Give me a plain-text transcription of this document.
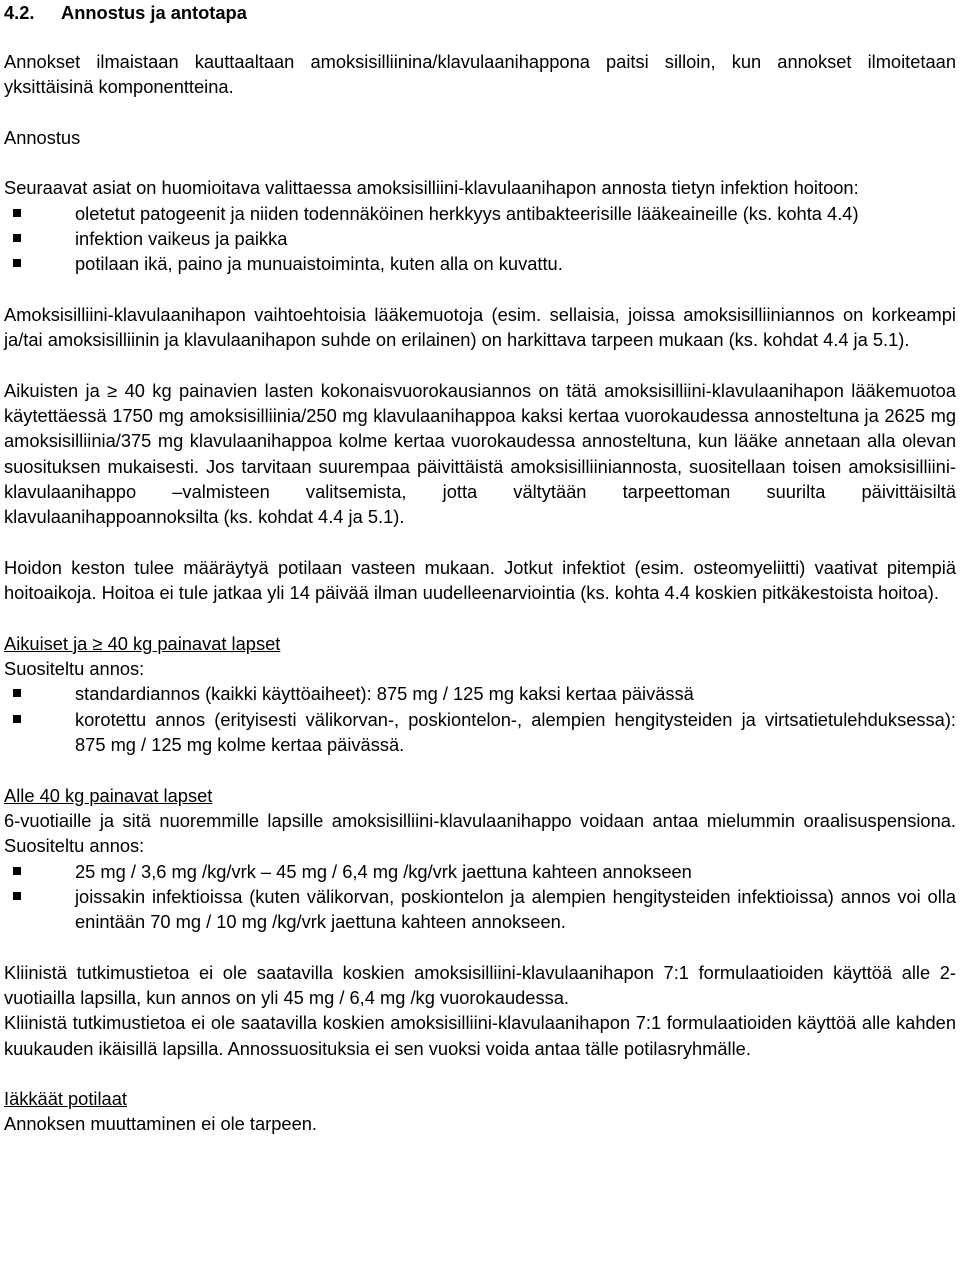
4.2. Annostus ja antotapa

Annokset ilmaistaan kauttaaltaan amoksisilliinina/klavulaanihappona paitsi silloin, kun annokset ilmoitetaan yksittäisinä komponentteina.

Annostus

Seuraavat asiat on huomioitava valittaessa amoksisilliini-klavulaanihapon annosta tietyn infektion hoitoon:

oletetut patogeenit ja niiden todennäköinen herkkyys antibakteerisille lääkeaineille (ks. kohta 4.4)
infektion vaikeus ja paikka
potilaan ikä, paino ja munuaistoiminta, kuten alla on kuvattu.

Amoksisilliini-klavulaanihapon vaihtoehtoisia lääkemuotoja (esim. sellaisia, joissa amoksisilliiniannos on korkeampi ja/tai amoksisilliinin ja klavulaanihapon suhde on erilainen) on harkittava tarpeen mukaan (ks. kohdat 4.4 ja 5.1).

Aikuisten ja ≥ 40 kg painavien lasten kokonaisvuorokausiannos on tätä amoksisilliini-klavulaanihapon lääkemuotoa käytettäessä 1750 mg amoksisilliinia/250 mg klavulaanihappoa kaksi kertaa vuorokaudessa annosteltuna ja 2625 mg amoksisilliinia/375 mg klavulaanihappoa kolme kertaa vuorokaudessa annosteltuna, kun lääke annetaan alla olevan suosituksen mukaisesti. Jos tarvitaan suurempaa päivittäistä amoksisilliiniannosta, suositellaan toisen amoksisilliini-klavulaanihappo –valmisteen valitsemista, jotta vältytään tarpeettoman suurilta päivittäisiltä klavulaanihappoannoksilta (ks. kohdat 4.4 ja 5.1).

Hoidon keston tulee määräytyä potilaan vasteen mukaan. Jotkut infektiot (esim. osteomyeliitti) vaativat pitempiä hoitoaikoja. Hoitoa ei tule jatkaa yli 14 päivää ilman uudelleenarviointia (ks. kohta 4.4 koskien pitkäkestoista hoitoa).

Aikuiset ja ≥ 40 kg painavat lapset

Suositeltu annos:

standardiannos (kaikki käyttöaiheet): 875 mg / 125 mg kaksi kertaa päivässä
korotettu annos (erityisesti välikorvan-, poskiontelon-, alempien hengitysteiden ja virtsatietulehduksessa): 875 mg / 125 mg kolme kertaa päivässä.

Alle 40 kg painavat lapset

6-vuotiaille ja sitä nuoremmille lapsille amoksisilliini-klavulaanihappo voidaan antaa mielummin oraalisuspensiona. Suositeltu annos:

25 mg / 3,6 mg /kg/vrk – 45 mg / 6,4 mg /kg/vrk jaettuna kahteen annokseen
joissakin infektioissa (kuten välikorvan, poskiontelon ja alempien hengitysteiden infektioissa) annos voi olla enintään 70 mg / 10 mg /kg/vrk jaettuna kahteen annokseen.

Kliinistä tutkimustietoa ei ole saatavilla koskien amoksisilliini-klavulaanihapon 7:1 formulaatioiden käyttöä alle 2-vuotiailla lapsilla, kun annos on yli 45 mg / 6,4 mg /kg vuorokaudessa.

Kliinistä tutkimustietoa ei ole saatavilla koskien amoksisilliini-klavulaanihapon 7:1 formulaatioiden käyttöä alle kahden kuukauden ikäisillä lapsilla. Annossuosituksia ei sen vuoksi voida antaa tälle potilasryhmälle.

Iäkkäät potilaat

Annoksen muuttaminen ei ole tarpeen.
